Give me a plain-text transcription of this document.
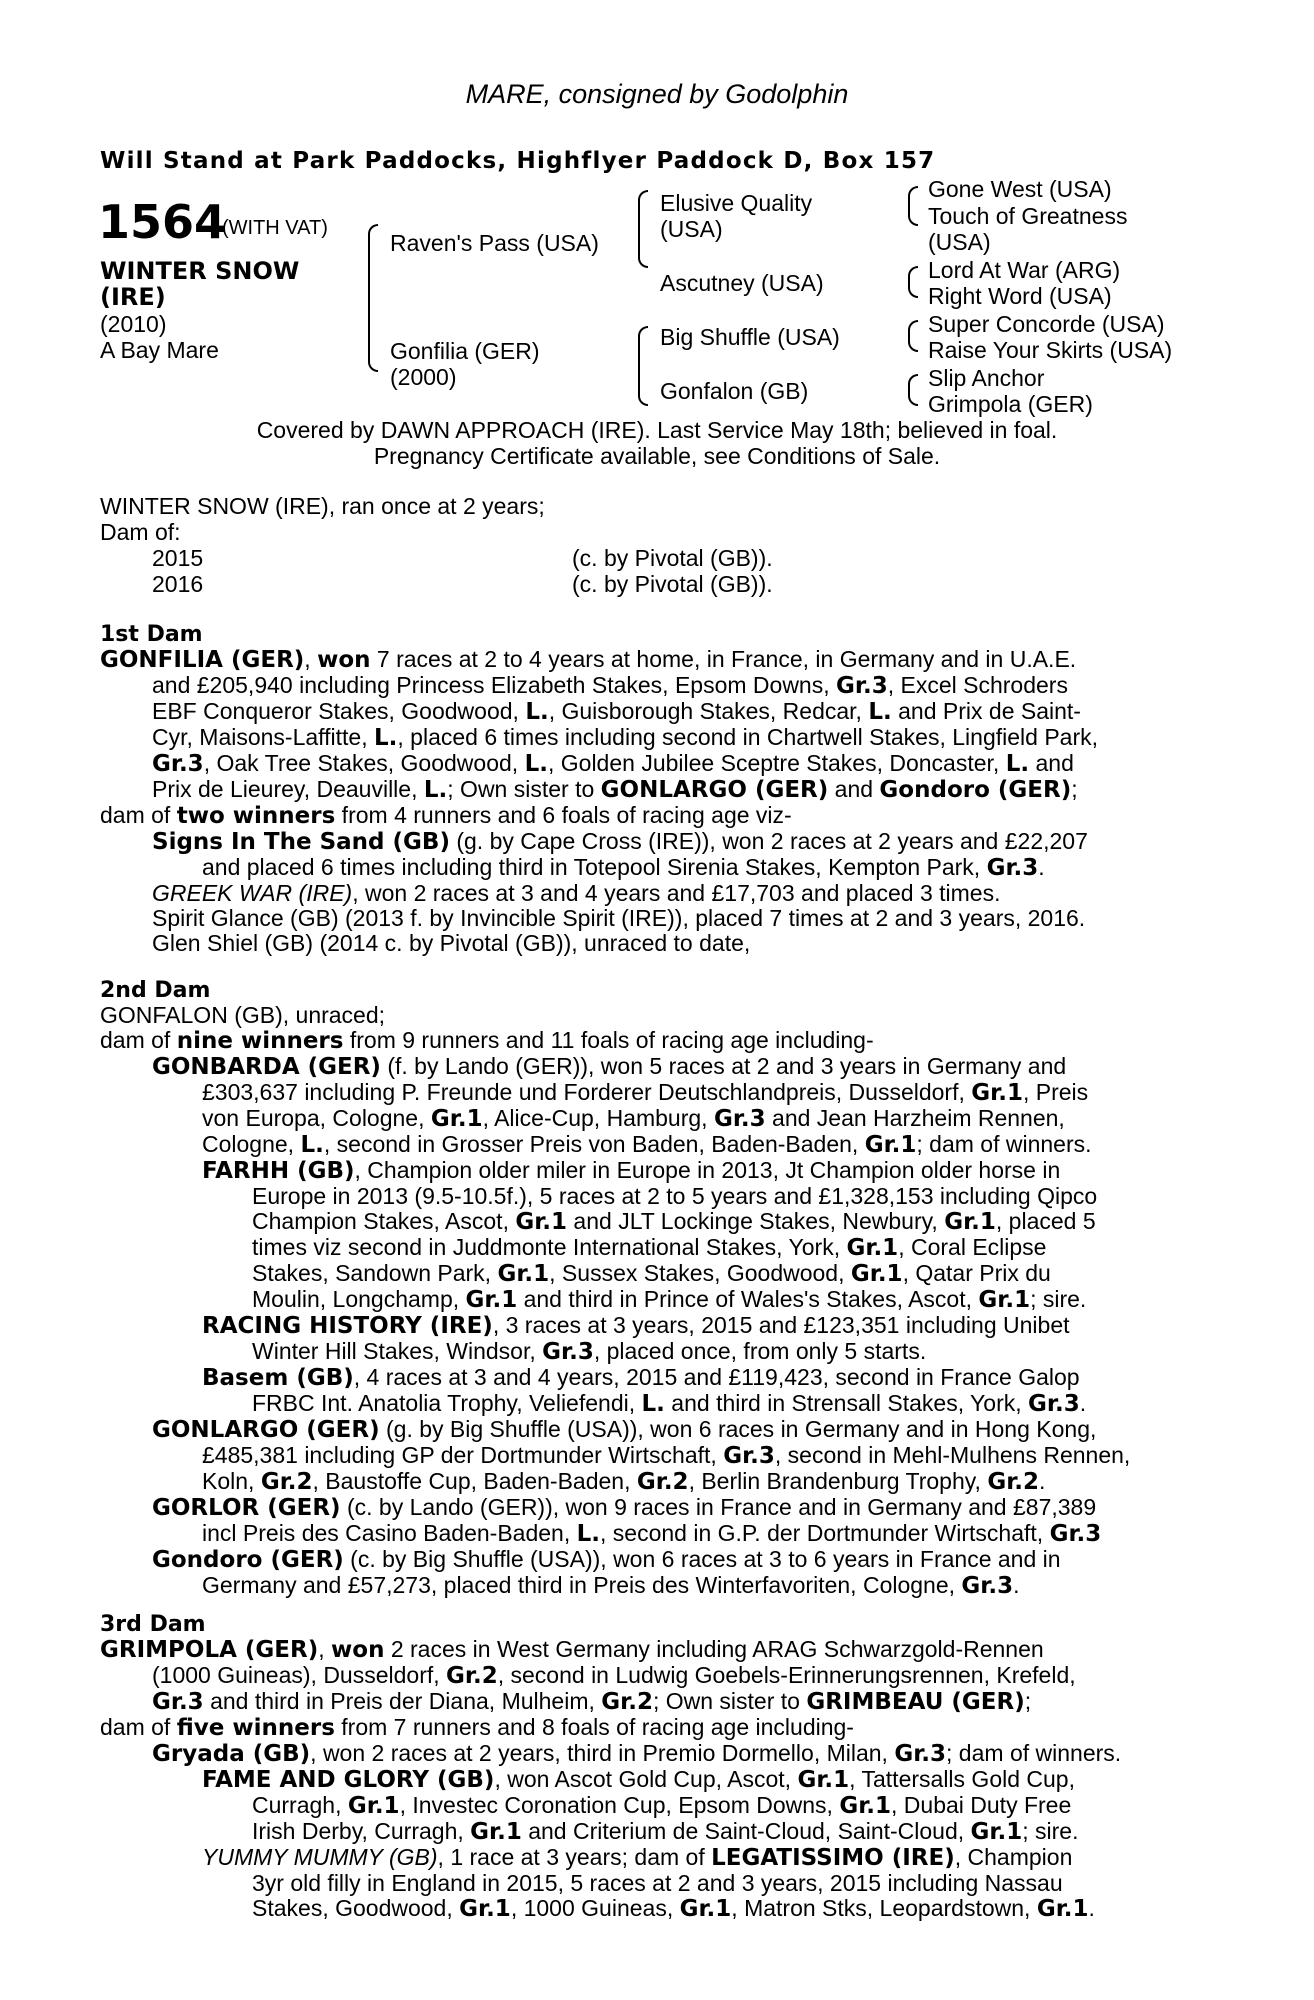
MARE, consigned by Godolphin
Will Stand at Park Paddocks, Highflyer Paddock D, Box 157
1564
(WITH VAT)
WINTER SNOW
(IRE)
(2010)
A Bay Mare
Raven's Pass (USA)
Gonfilia (GER)
(2000)
Elusive Quality
(USA)
Ascutney (USA)
Big Shuffle (USA)
Gonfalon (GB)
Gone West (USA)
Touch of Greatness
(USA)
Lord At War (ARG)
Right Word (USA)
Super Concorde (USA)
Raise Your Skirts (USA)
Slip Anchor
Grimpola (GER)
Covered by DAWN APPROACH (IRE). Last Service May 18th; believed in foal.
Pregnancy Certificate available, see Conditions of Sale.
WINTER SNOW (IRE), ran once at 2 years;
Dam of:
2015	(c. by Pivotal (GB)).
2016	(c. by Pivotal (GB)).
1st Dam
GONFILIA (GER), won 7 races at 2 to 4 years at home, in France, in Germany and in U.A.E.
and £205,940 including Princess Elizabeth Stakes, Epsom Downs, Gr.3, Excel Schroders
EBF Conqueror Stakes, Goodwood, L., Guisborough Stakes, Redcar, L. and Prix de Saint-
Cyr, Maisons-Laffitte, L., placed 6 times including second in Chartwell Stakes, Lingfield Park,
Gr.3, Oak Tree Stakes, Goodwood, L., Golden Jubilee Sceptre Stakes, Doncaster, L. and
Prix de Lieurey, Deauville, L.; Own sister to GONLARGO (GER) and Gondoro (GER);
dam of two winners from 4 runners and 6 foals of racing age viz-
Signs In The Sand (GB) (g. by Cape Cross (IRE)), won 2 races at 2 years and £22,207
and placed 6 times including third in Totepool Sirenia Stakes, Kempton Park, Gr.3.
GREEK WAR (IRE), won 2 races at 3 and 4 years and £17,703 and placed 3 times.
Spirit Glance (GB) (2013 f. by Invincible Spirit (IRE)), placed 7 times at 2 and 3 years, 2016.
Glen Shiel (GB) (2014 c. by Pivotal (GB)), unraced to date,
2nd Dam
GONFALON (GB), unraced;
dam of nine winners from 9 runners and 11 foals of racing age including-
GONBARDA (GER) (f. by Lando (GER)), won 5 races at 2 and 3 years in Germany and
£303,637 including P. Freunde und Forderer Deutschlandpreis, Dusseldorf, Gr.1, Preis
von Europa, Cologne, Gr.1, Alice-Cup, Hamburg, Gr.3 and Jean Harzheim Rennen,
Cologne, L., second in Grosser Preis von Baden, Baden-Baden, Gr.1; dam of winners.
FARHH (GB), Champion older miler in Europe in 2013, Jt Champion older horse in
Europe in 2013 (9.5-10.5f.), 5 races at 2 to 5 years and £1,328,153 including Qipco
Champion Stakes, Ascot, Gr.1 and JLT Lockinge Stakes, Newbury, Gr.1, placed 5
times viz second in Juddmonte International Stakes, York, Gr.1, Coral Eclipse
Stakes, Sandown Park, Gr.1, Sussex Stakes, Goodwood, Gr.1, Qatar Prix du
Moulin, Longchamp, Gr.1 and third in Prince of Wales's Stakes, Ascot, Gr.1; sire.
RACING HISTORY (IRE), 3 races at 3 years, 2015 and £123,351 including Unibet
Winter Hill Stakes, Windsor, Gr.3, placed once, from only 5 starts.
Basem (GB), 4 races at 3 and 4 years, 2015 and £119,423, second in France Galop
FRBC Int. Anatolia Trophy, Veliefendi, L. and third in Strensall Stakes, York, Gr.3.
GONLARGO (GER) (g. by Big Shuffle (USA)), won 6 races in Germany and in Hong Kong,
£485,381 including GP der Dortmunder Wirtschaft, Gr.3, second in Mehl-Mulhens Rennen,
Koln, Gr.2, Baustoffe Cup, Baden-Baden, Gr.2, Berlin Brandenburg Trophy, Gr.2.
GORLOR (GER) (c. by Lando (GER)), won 9 races in France and in Germany and £87,389
incl Preis des Casino Baden-Baden, L., second in G.P. der Dortmunder Wirtschaft, Gr.3
Gondoro (GER) (c. by Big Shuffle (USA)), won 6 races at 3 to 6 years in France and in
Germany and £57,273, placed third in Preis des Winterfavoriten, Cologne, Gr.3.
3rd Dam
GRIMPOLA (GER), won 2 races in West Germany including ARAG Schwarzgold-Rennen
(1000 Guineas), Dusseldorf, Gr.2, second in Ludwig Goebels-Erinnerungsrennen, Krefeld,
Gr.3 and third in Preis der Diana, Mulheim, Gr.2; Own sister to GRIMBEAU (GER);
dam of five winners from 7 runners and 8 foals of racing age including-
Gryada (GB), won 2 races at 2 years, third in Premio Dormello, Milan, Gr.3; dam of winners.
FAME AND GLORY (GB), won Ascot Gold Cup, Ascot, Gr.1, Tattersalls Gold Cup,
Curragh, Gr.1, Investec Coronation Cup, Epsom Downs, Gr.1, Dubai Duty Free
Irish Derby, Curragh, Gr.1 and Criterium de Saint-Cloud, Saint-Cloud, Gr.1; sire.
YUMMY MUMMY (GB), 1 race at 3 years; dam of LEGATISSIMO (IRE), Champion
3yr old filly in England in 2015, 5 races at 2 and 3 years, 2015 including Nassau
Stakes, Goodwood, Gr.1, 1000 Guineas, Gr.1, Matron Stks, Leopardstown, Gr.1.
